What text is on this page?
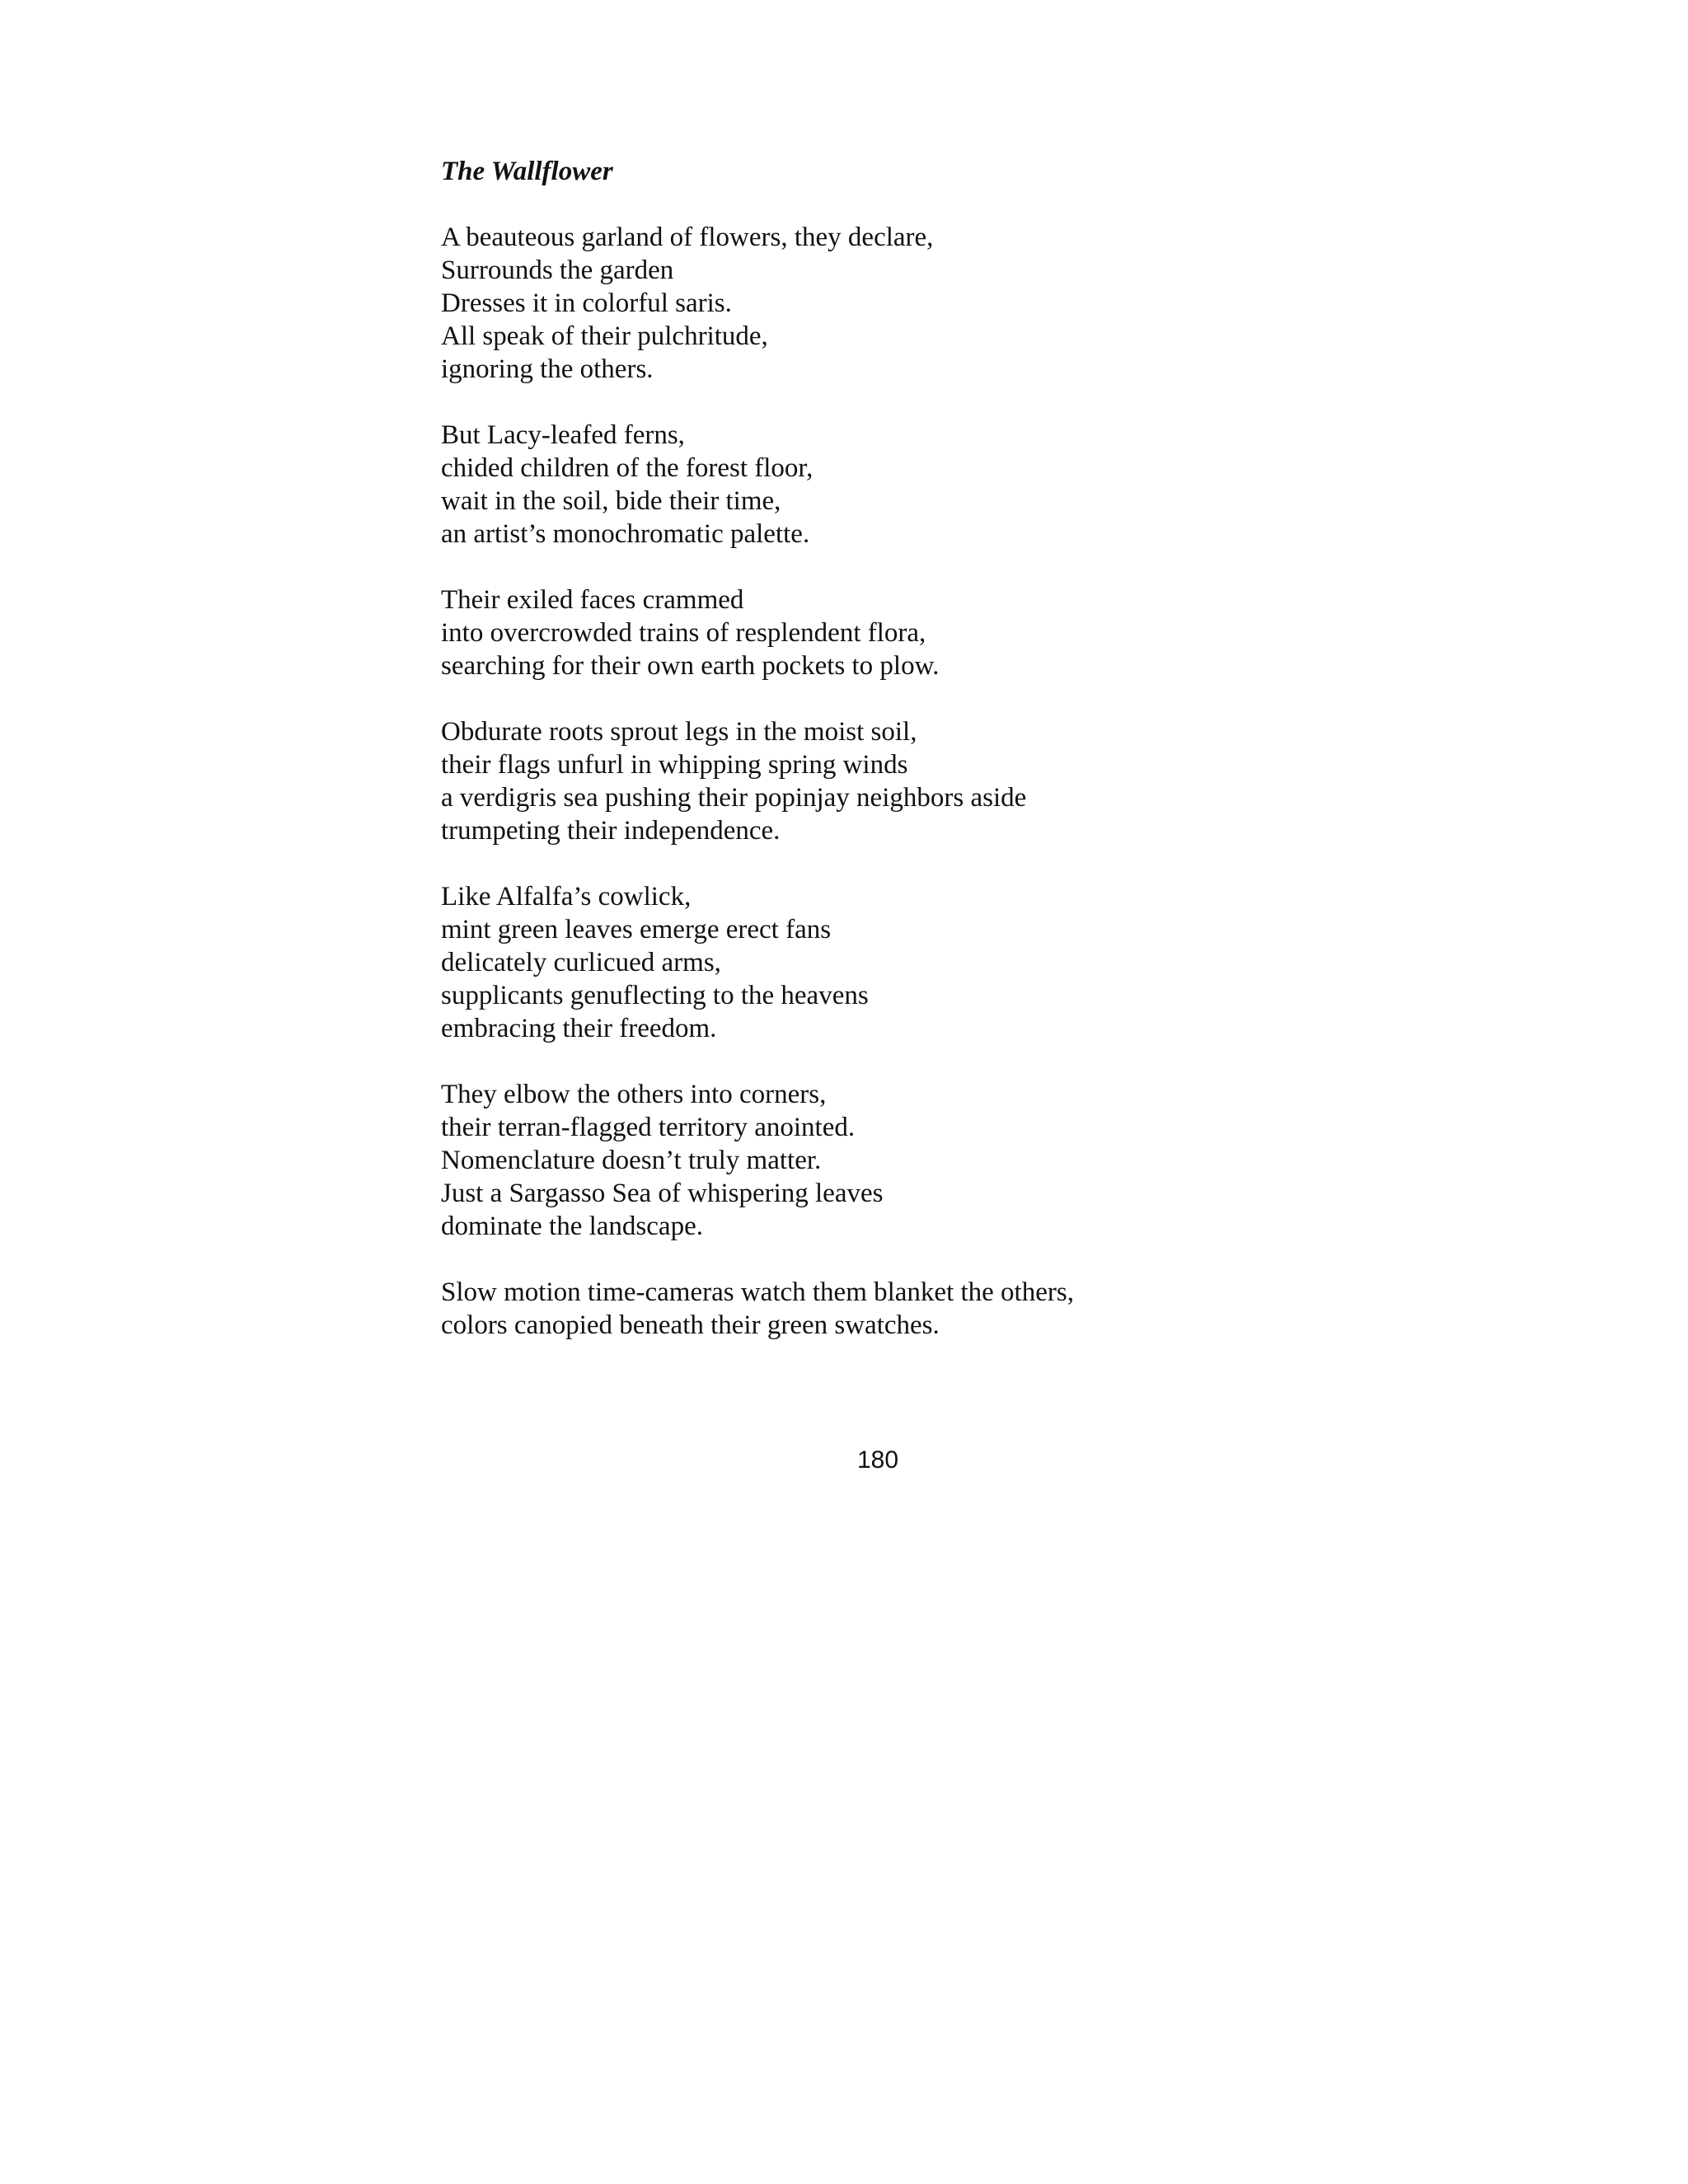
The Wallflower
A beauteous garland of flowers, they declare,
Surrounds the garden
Dresses it in colorful saris.
All speak of their pulchritude,
ignoring the others.
But Lacy-leafed ferns,
chided children of the forest floor,
wait in the soil, bide their time,
an artist’s monochromatic palette.
Their exiled faces crammed
into overcrowded trains of resplendent flora,
searching for their own earth pockets to plow.
Obdurate roots sprout legs in the moist soil,
their flags unfurl in whipping spring winds
a verdigris sea pushing their popinjay neighbors aside
trumpeting their independence.
Like Alfalfa’s cowlick,
mint green leaves emerge erect fans
delicately curlicued arms,
supplicants genuflecting to the heavens
embracing their freedom.
They elbow the others into corners,
their terran-flagged territory anointed.
Nomenclature doesn’t truly matter.
Just a Sargasso Sea of whispering leaves
dominate the landscape.
Slow motion time-cameras watch them blanket the others,
colors canopied beneath their green swatches.
180
